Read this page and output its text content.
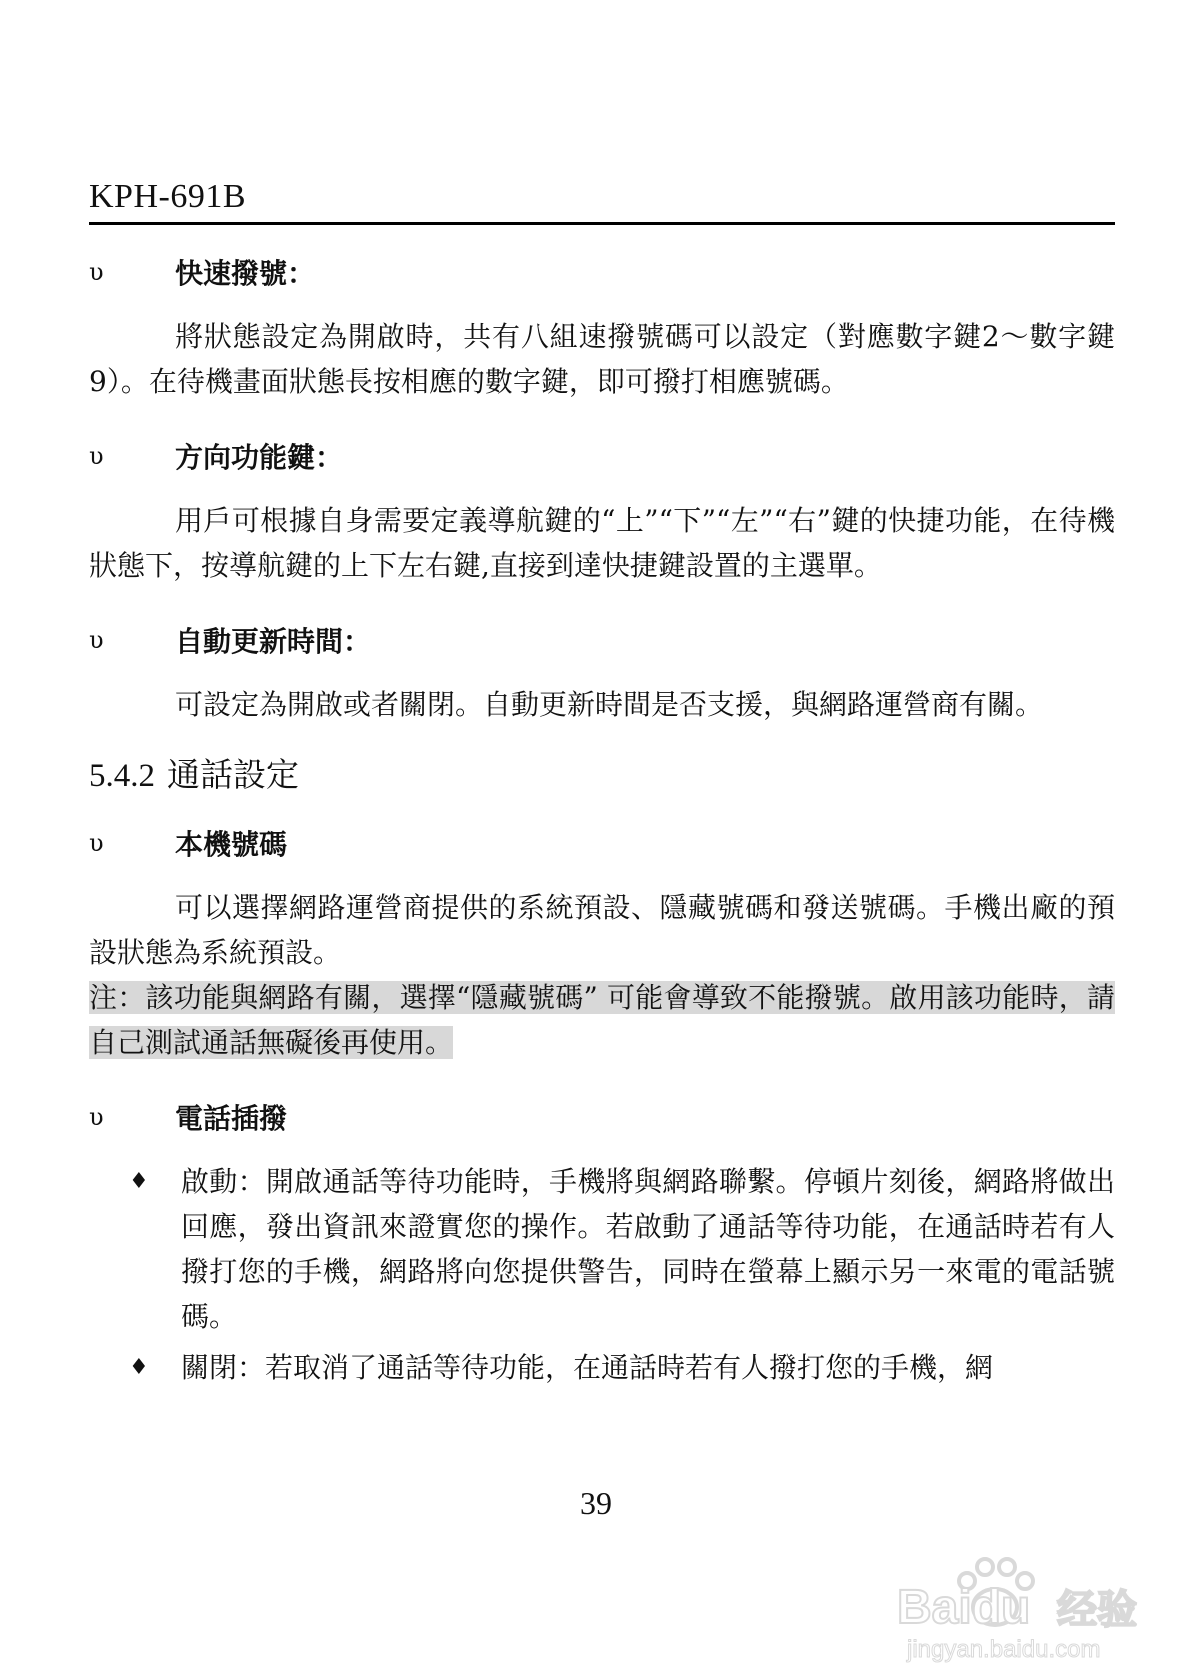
KPH-691B
υ	快速撥號：

將狀態設定為開啟時，共有八組速撥號碼可以設定（對應數字鍵2～數字鍵9）。在待機畫面狀態長按相應的數字鍵，即可撥打相應號碼。

υ	方向功能鍵：

用戶可根據自身需要定義導航鍵的“上”“下”“左”“右”鍵的快捷功能，在待機狀態下，按導航鍵的上下左右鍵,直接到達快捷鍵設置的主選單。

υ	自動更新時間：

可設定為開啟或者關閉。自動更新時間是否支援，與網路運營商有關。

5.4.2 通話設定
υ	本機號碼

可以選擇網路運營商提供的系統預設、隱藏號碼和發送號碼。手機出廠的預設狀態為系統預設。

注：該功能與網路有關，選擇“隱藏號碼” 可能會導致不能撥號。啟用該功能時，請自己測試通話無礙後再使用。
υ	電話插撥
♦ 啟動：開啟通話等待功能時，手機將與網路聯繫。停頓片刻後，網路將做出回應，發出資訊來證實您的操作。若啟動了通話等待功能，在通話時若有人撥打您的手機，網路將向您提供警告，同時在螢幕上顯示另一來電的電話號碼。
♦ 關閉：若取消了通話等待功能，在通話時若有人撥打您的手機，網
39
Baidu 经验
jingyan.baidu.com
